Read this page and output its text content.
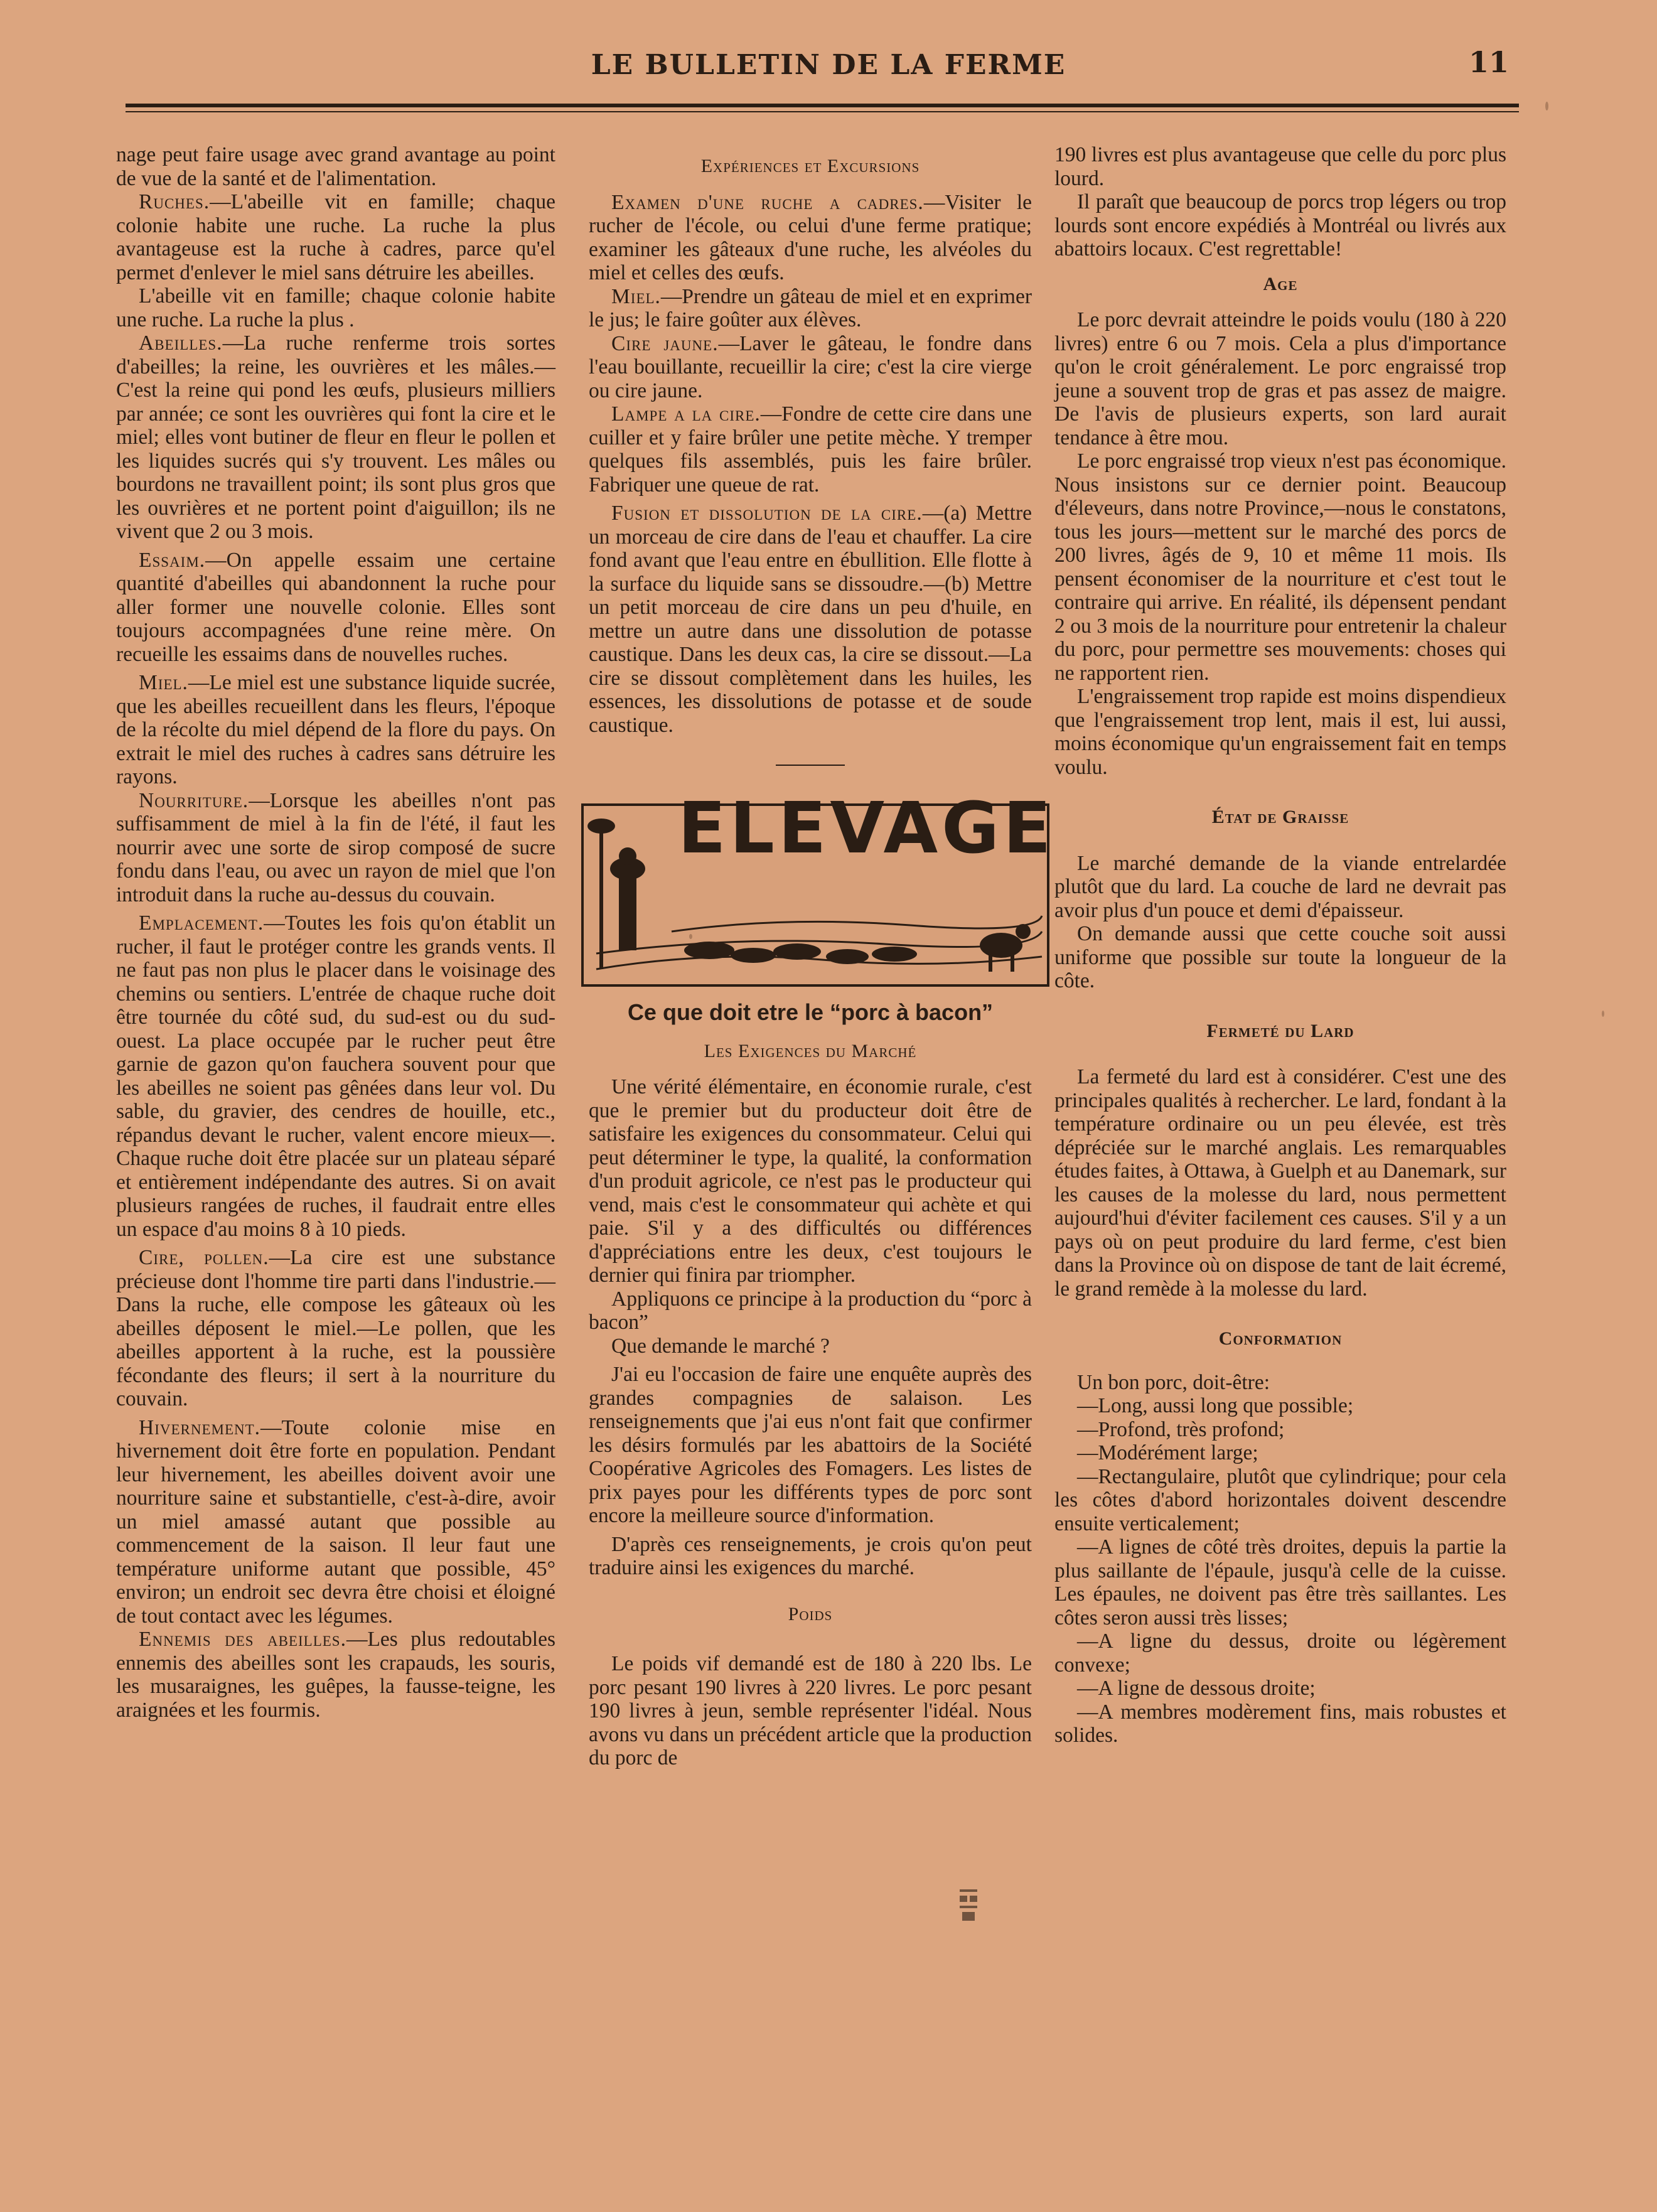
LE BULLETIN DE LA FERME	11

nage peut faire usage avec grand avantage au point de vue de la santé et de l'alimentation.

Ruches.—L'abeille vit en famille; chaque colonie habite une ruche. La ruche la plus avantageuse est la ruche à cadres, parce qu'el permet d'enlever le miel sans détruire les abeilles.

L'abeille vit en famille; chaque colonie habite une ruche. La ruche la plus .

Abeilles.—La ruche renferme trois sortes d'abeilles; la reine, les ouvrières et les mâles.— C'est la reine qui pond les œufs, plusieurs milliers par année; ce sont les ouvrières qui font la cire et le miel; elles vont butiner de fleur en fleur le pollen et les liquides sucrés qui s'y trouvent. Les mâles ou bourdons ne travaillent point; ils sont plus gros que les ouvrières et ne portent point d'aiguillon; ils ne vivent que 2 ou 3 mois.

Essaim.—On appelle essaim une certaine quantité d'abeilles qui abandonnent la ruche pour aller former une nouvelle colonie. Elles sont toujours accompagnées d'une reine mère. On recueille les essaims dans de nouvelles ruches.

Miel.—Le miel est une substance liquide sucrée, que les abeilles recueillent dans les fleurs, l'époque de la récolte du miel dépend de la flore du pays. On extrait le miel des ruches à cadres sans détruire les rayons.

Nourriture.—Lorsque les abeilles n'ont pas suffisamment de miel à la fin de l'été, il faut les nourrir avec une sorte de sirop composé de sucre fondu dans l'eau, ou avec un rayon de miel que l'on introduit dans la ruche au-dessus du couvain.

Emplacement.—Toutes les fois qu'on établit un rucher, il faut le protéger contre les grands vents. Il ne faut pas non plus le placer dans le voisinage des chemins ou sentiers. L'entrée de chaque ruche doit être tournée du côté sud, du sud-est ou du sud-ouest. La place occupée par le rucher peut être garnie de gazon qu'on fauchera souvent pour que les abeilles ne soient pas gênées dans leur vol. Du sable, du gravier, des cendres de houille, etc., répandus devant le rucher, valent encore mieux—. Chaque ruche doit être placée sur un plateau séparé et entièrement indépendante des autres. Si on avait plusieurs rangées de ruches, il faudrait entre elles un espace d'au moins 8 à 10 pieds.

Cire, pollen.—La cire est une substance précieuse dont l'homme tire parti dans l'industrie.—Dans la ruche, elle compose les gâteaux où les abeilles déposent le miel.—Le pollen, que les abeilles apportent à la ruche, est la poussière fécondante des fleurs; il sert à la nourriture du couvain.

Hivernement.—Toute colonie mise en hivernement doit être forte en population. Pendant leur hivernement, les abeilles doivent avoir une nourriture saine et substantielle, c'est-à-dire, avoir un miel amassé autant que possible au commencement de la saison. Il leur faut une température uniforme autant que possible, 45° environ; un endroit sec devra être choisi et éloigné de tout contact avec les légumes.

Ennemis des abeilles.—Les plus redoutables ennemis des abeilles sont les crapauds, les souris, les musaraignes, les guêpes, la fausse-teigne, les araignées et les fourmis.

Expériences et Excursions

Examen d'une ruche a cadres.—Visiter le rucher de l'école, ou celui d'une ferme pratique; examiner les gâteaux d'une ruche, les alvéoles du miel et celles des œufs.

Miel.—Prendre un gâteau de miel et en exprimer le jus; le faire goûter aux élèves.

Cire jaune.—Laver le gâteau, le fondre dans l'eau bouillante, recueillir la cire; c'est la cire vierge ou cire jaune.

Lampe a la cire.—Fondre de cette cire dans une cuiller et y faire brûler une petite mèche. Y tremper quelques fils assemblés, puis les faire brûler. Fabriquer une queue de rat.

Fusion et dissolution de la cire.—(a) Mettre un morceau de cire dans de l'eau et chauffer. La cire fond avant que l'eau entre en ébullition. Elle flotte à la surface du liquide sans se dissoudre.—(b) Mettre un petit morceau de cire dans un peu d'huile, en mettre un autre dans une dissolution de potasse caustique. Dans les deux cas, la cire se dissout.—La cire se dissout complètement dans les huiles, les essences, les dissolutions de potasse et de soude caustique.

ELEVAGE
Ce que doit etre le “porc à bacon”
Les Exigences du Marché

Une vérité élémentaire, en économie rurale, c'est que le premier but du producteur doit être de satisfaire les exigences du consommateur. Celui qui peut déterminer le type, la qualité, la conformation d'un produit agricole, ce n'est pas le producteur qui vend, mais c'est le consommateur qui achète et qui paie. S'il y a des difficultés ou différences d'appréciations entre les deux, c'est toujours le dernier qui finira par triompher.

Appliquons ce principe à la production du “porc à bacon”

Que demande le marché ?

J'ai eu l'occasion de faire une enquête auprès des grandes compagnies de salaison. Les renseignements que j'ai eus n'ont fait que confirmer les désirs formulés par les abattoirs de la Société Coopérative Agricoles des Fomagers. Les listes de prix payes pour les différents types de porc sont encore la meilleure source d'information.

D'après ces renseignements, je crois qu'on peut traduire ainsi les exigences du marché.

Poids

Le poids vif demandé est de 180 à 220 lbs. Le porc pesant 190 livres à 220 livres. Le porc pesant 190 livres à jeun, semble représenter l'idéal. Nous avons vu dans un précédent article que la production du porc de

190 livres est plus avantageuse que celle du porc plus lourd.

Il paraît que beaucoup de porcs trop légers ou trop lourds sont encore expédiés à Montréal ou livrés aux abattoirs locaux. C'est regrettable!

Age

Le porc devrait atteindre le poids voulu (180 à 220 livres) entre 6 ou 7 mois. Cela a plus d'importance qu'on le croit généralement. Le porc engraissé trop jeune a souvent trop de gras et pas assez de maigre. De l'avis de plusieurs experts, son lard aurait tendance à être mou.

Le porc engraissé trop vieux n'est pas économique. Nous insistons sur ce dernier point. Beaucoup d'éleveurs, dans notre Province,—nous le constatons, tous les jours—mettent sur le marché des porcs de 200 livres, âgés de 9, 10 et même 11 mois. Ils pensent économiser de la nourriture et c'est tout le contraire qui arrive. En réalité, ils dépensent pendant 2 ou 3 mois de la nourriture pour entretenir la chaleur du porc, pour permettre ses mouvements: choses qui ne rapportent rien.

L'engraissement trop rapide est moins dispendieux que l'engraissement trop lent, mais il est, lui aussi, moins économique qu'un engraissement fait en temps voulu.

État de Graisse

Le marché demande de la viande entrelardée plutôt que du lard. La couche de lard ne devrait pas avoir plus d'un pouce et demi d'épaisseur.

On demande aussi que cette couche soit aussi uniforme que possible sur toute la longueur de la côte.

Fermeté du Lard

La fermeté du lard est à considérer. C'est une des principales qualités à rechercher. Le lard, fondant à la température ordinaire ou un peu élevée, est très dépréciée sur le marché anglais. Les remarquables études faites, à Ottawa, à Guelph et au Danemark, sur les causes de la molesse du lard, nous permettent aujourd'hui d'éviter facilement ces causes. S'il y a un pays où on peut produire du lard ferme, c'est bien dans la Province où on dispose de tant de lait écremé, le grand remède à la molesse du lard.

Conformation

Un bon porc, doit-être:

—Long, aussi long que possible;

—Profond, très profond;

—Modérément large;

—Rectangulaire, plutôt que cylindrique; pour cela les côtes d'abord horizontales doivent descendre ensuite verticalement;

—A lignes de côté très droites, depuis la partie la plus saillante de l'épaule, jusqu'à celle de la cuisse. Les épaules, ne doivent pas être très saillantes. Les côtes seron aussi très lisses;

—A ligne du dessus, droite ou légèrement convexe;

—A ligne de dessous droite;

—A membres modèrement fins, mais robustes et solides.
